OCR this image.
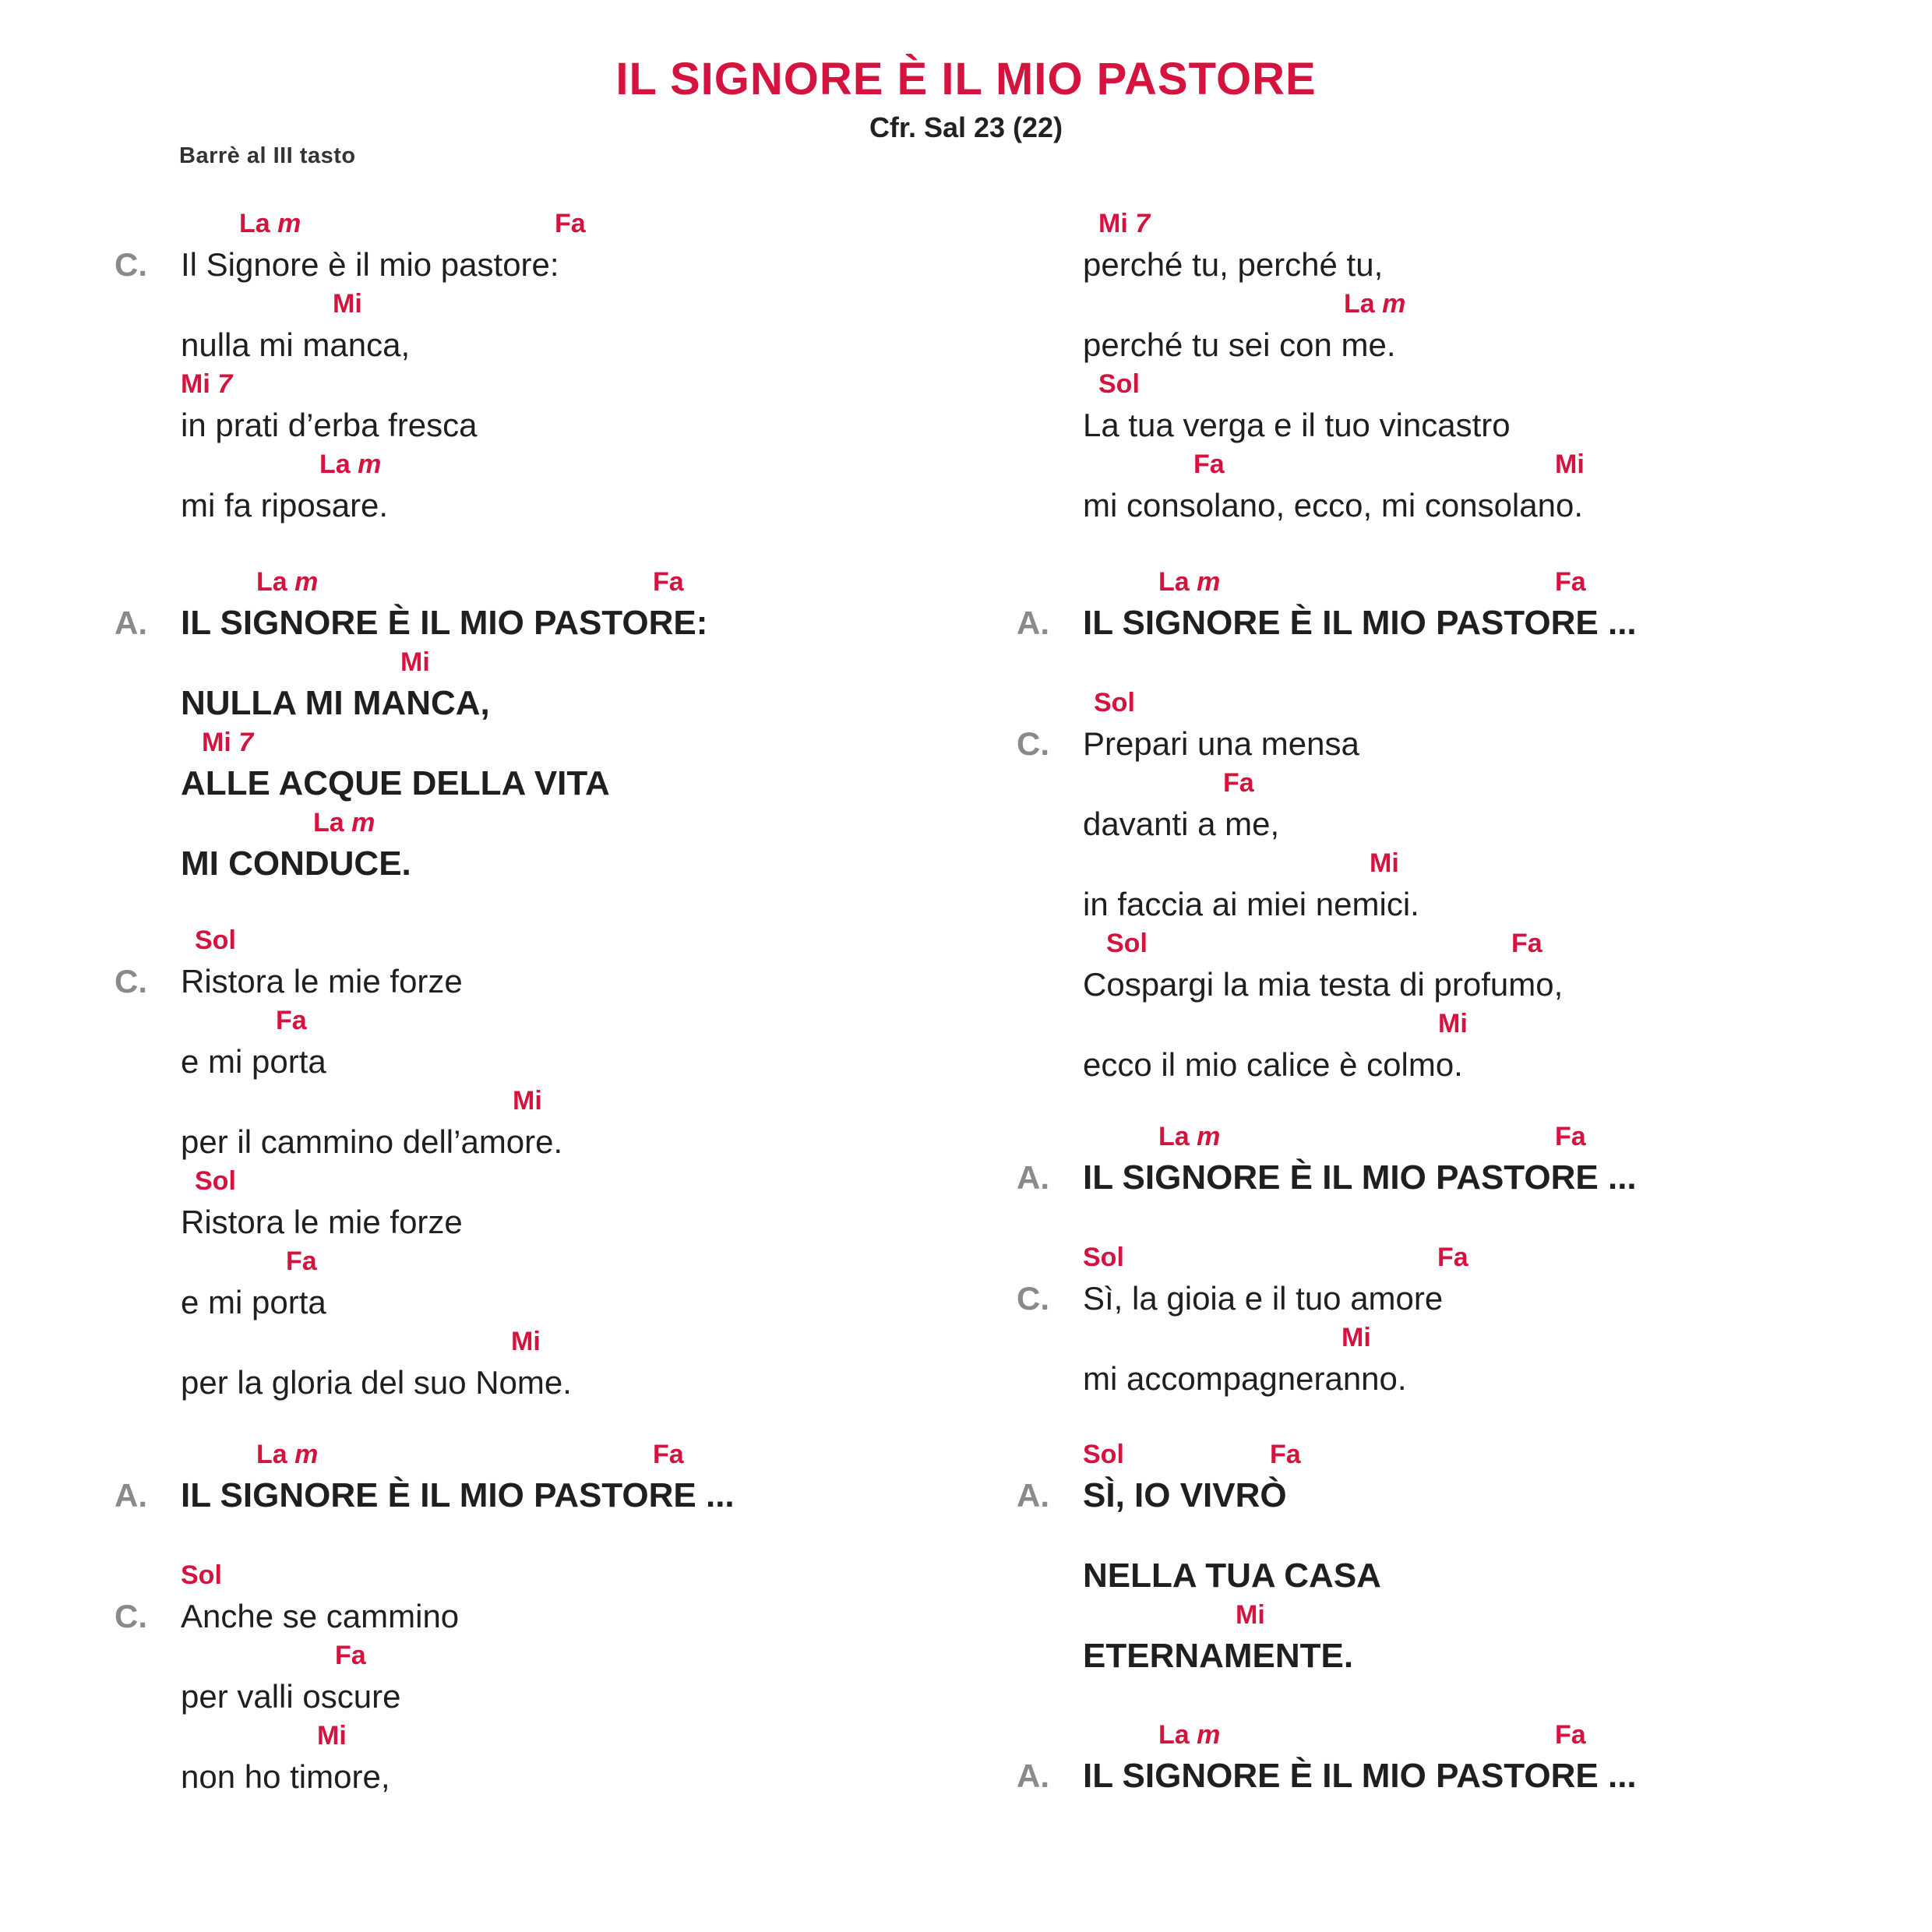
IL SIGNORE È IL MIO PASTORE
Cfr. Sal 23 (22)
Barrè al III tasto
C.
La m	Fa
Il Signore è il mio pastore:
Mi
nulla mi manca,
Mi 7
in prati d’erba fresca
La m
mi fa riposare.
A.
La m	Fa
IL SIGNORE È IL MIO PASTORE:
Mi
NULLA MI MANCA,
Mi 7
ALLE ACQUE DELLA VITA
La m
MI CONDUCE.
C.
Sol
Ristora le mie forze
Fa
e mi porta
Mi
per il cammino dell’amore.
Sol
Ristora le mie forze
Fa
e mi porta
Mi
per la gloria del suo Nome.
A.
La m	Fa
IL SIGNORE È IL MIO PASTORE ...
C.
Sol
Anche se cammino
Fa
per valli oscure
Mi
non ho timore,
Mi 7
perché tu, perché tu,
La m
perché tu sei con me.
Sol
La tua verga e il tuo vincastro
Fa	Mi
mi consolano, ecco, mi consolano.
A.
La m	Fa
IL SIGNORE È IL MIO PASTORE ...
C.
Sol
Prepari una mensa
Fa
davanti a me,
Mi
in faccia ai miei nemici.
Sol	Fa
Cospargi la mia testa di profumo,
Mi
ecco il mio calice è colmo.
A.
La m	Fa
IL SIGNORE È IL MIO PASTORE ...
C.
Sol	Fa
Sì, la gioia e il tuo amore
Mi
mi accompagneranno.
A.
Sol	Fa
SÌ, IO VIVRÒ
NELLA TUA CASA
Mi
ETERNAMENTE.
A.
La m	Fa
IL SIGNORE È IL MIO PASTORE ...
